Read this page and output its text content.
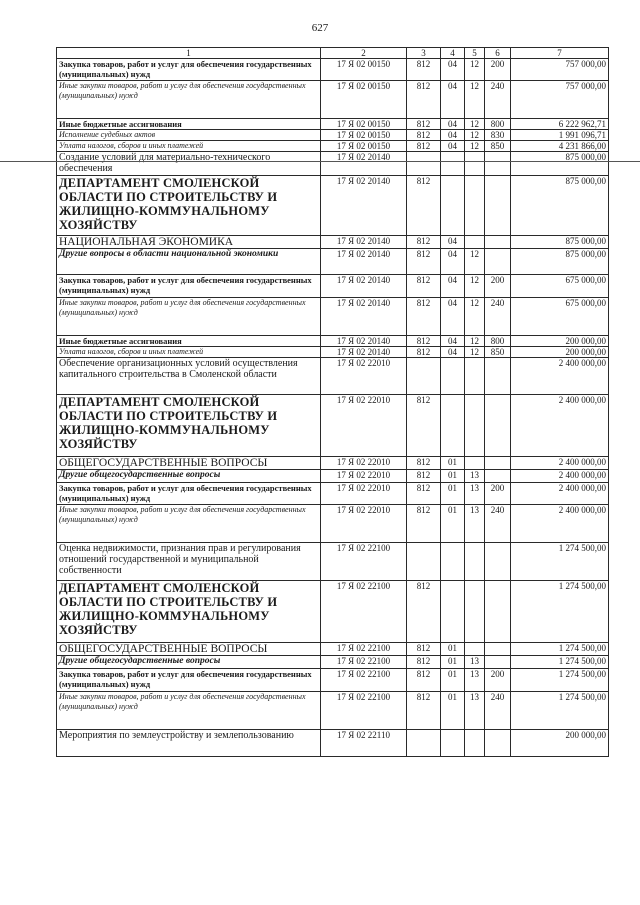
627
1	2	3	4	5	6	7
Закупка товаров, работ и услуг для обеспечения государственных (муниципальных) нужд	17 Я 02 00150	812	04	12	200	757 000,00
Иные закупки товаров, работ и услуг для обеспечения государственных (муниципальных) нужд	17 Я 02 00150	812	04	12	240	757 000,00
Иные бюджетные ассигнования	17 Я 02 00150	812	04	12	800	6 222 962,71
Исполнение судебных актов	17 Я 02 00150	812	04	12	830	1 991 096,71
Уплата налогов, сборов и иных платежей	17 Я 02 00150	812	04	12	850	4 231 866,00
Создание условий для материально-технического обеспечения	17 Я 02 20140					875 000,00
ДЕПАРТАМЕНТ СМОЛЕНСКОЙ ОБЛАСТИ ПО СТРОИТЕЛЬСТВУ И ЖИЛИЩНО-КОММУНАЛЬНОМУ ХОЗЯЙСТВУ	17 Я 02 20140	812				875 000,00
НАЦИОНАЛЬНАЯ ЭКОНОМИКА	17 Я 02 20140	812	04			875 000,00
Другие вопросы в области национальной экономики	17 Я 02 20140	812	04	12		875 000,00
Закупка товаров, работ и услуг для обеспечения государственных (муниципальных) нужд	17 Я 02 20140	812	04	12	200	675 000,00
Иные закупки товаров, работ и услуг для обеспечения государственных (муниципальных) нужд	17 Я 02 20140	812	04	12	240	675 000,00
Иные бюджетные ассигнования	17 Я 02 20140	812	04	12	800	200 000,00
Уплата налогов, сборов и иных платежей	17 Я 02 20140	812	04	12	850	200 000,00
Обеспечение организационных условий осуществления капитального строительства в Смоленской области	17 Я 02 22010					2 400 000,00
ДЕПАРТАМЕНТ СМОЛЕНСКОЙ ОБЛАСТИ ПО СТРОИТЕЛЬСТВУ И ЖИЛИЩНО-КОММУНАЛЬНОМУ ХОЗЯЙСТВУ	17 Я 02 22010	812				2 400 000,00
ОБЩЕГОСУДАРСТВЕННЫЕ ВОПРОСЫ	17 Я 02 22010	812	01			2 400 000,00
Другие общегосударственные вопросы	17 Я 02 22010	812	01	13		2 400 000,00
Закупка товаров, работ и услуг для обеспечения государственных (муниципальных) нужд	17 Я 02 22010	812	01	13	200	2 400 000,00
Иные закупки товаров, работ и услуг для обеспечения государственных (муниципальных) нужд	17 Я 02 22010	812	01	13	240	2 400 000,00
Оценка недвижимости, признания прав и регулирования отношений государственной и муниципальной собственности	17 Я 02 22100					1 274 500,00
ДЕПАРТАМЕНТ СМОЛЕНСКОЙ ОБЛАСТИ ПО СТРОИТЕЛЬСТВУ И ЖИЛИЩНО-КОММУНАЛЬНОМУ ХОЗЯЙСТВУ	17 Я 02 22100	812				1 274 500,00
ОБЩЕГОСУДАРСТВЕННЫЕ ВОПРОСЫ	17 Я 02 22100	812	01			1 274 500,00
Другие общегосударственные вопросы	17 Я 02 22100	812	01	13		1 274 500,00
Закупка товаров, работ и услуг для обеспечения государственных (муниципальных) нужд	17 Я 02 22100	812	01	13	200	1 274 500,00
Иные закупки товаров, работ и услуг для обеспечения государственных (муниципальных) нужд	17 Я 02 22100	812	01	13	240	1 274 500,00
Мероприятия по землеустройству и землепользованию	17 Я 02 22110					200 000,00
